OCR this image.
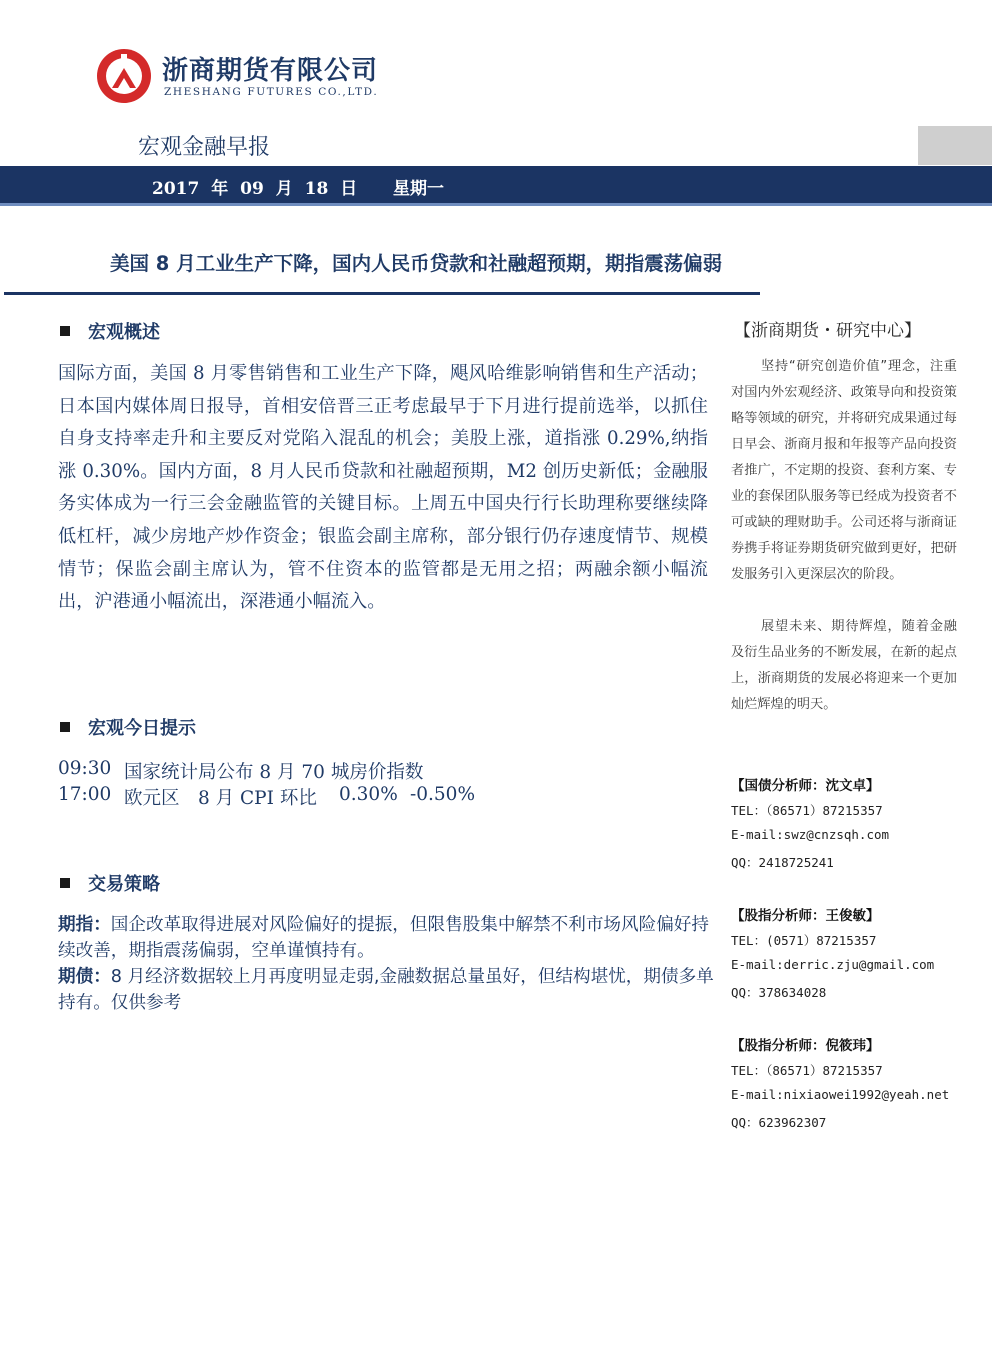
浙商期货有限公司
ZHESHANG FUTURES CO.,LTD.
宏观金融早报
2017 年 09 月 18 日 星期一
美国 8 月工业生产下降，国内人民币贷款和社融超预期，期指震荡偏弱
宏观概述
国际方面，美国 8 月零售销售和工业生产下降，飓风哈维影响销售和生产活动；日本国内媒体周日报导，首相安倍晋三正考虑最早于下月进行提前选举，以抓住自身支持率走升和主要反对党陷入混乱的机会；美股上涨，道指涨 0.29%,纳指涨 0.30%。国内方面，8 月人民币贷款和社融超预期，M2 创历史新低；金融服务实体成为一行三会金融监管的关键目标。上周五中国央行行长助理称要继续降低杠杆，减少房地产炒作资金；银监会副主席称，部分银行仍存速度情节、规模情节；保监会副主席认为，管不住资本的监管都是无用之招；两融余额小幅流出，沪港通小幅流出，深港通小幅流入。
宏观今日提示
09:30 国家统计局公布 8 月 70 城房价指数
17:00 欧元区　8 月 CPI 环比 0.30% -0.50%
交易策略
期指：国企改革取得进展对风险偏好的提振，但限售股集中解禁不利市场风险偏好持续改善，期指震荡偏弱，空单谨慎持有。
期债：8 月经济数据较上月再度明显走弱,金融数据总量虽好，但结构堪忧，期债多单持有。仅供参考
【浙商期货・研究中心】
坚持“研究创造价值”理念，注重对国内外宏观经济、政策导向和投资策略等领域的研究，并将研究成果通过每日早会、浙商月报和年报等产品向投资者推广，不定期的投资、套利方案、专业的套保团队服务等已经成为投资者不可或缺的理财助手。公司还将与浙商证券携手将证券期货研究做到更好，把研发服务引入更深层次的阶段。
展望未来、期待辉煌，随着金融及衍生品业务的不断发展，在新的起点上，浙商期货的发展必将迎来一个更加灿烂辉煌的明天。
【国债分析师：沈文卓】
TEL：（86571）87215357
E-mail:swz@cnzsqh.com
QQ：2418725241
【股指分析师：王俊敏】
TEL：(0571）87215357
E-mail:derric.zju@gmail.com
QQ：378634028
【股指分析师：倪筱玮】
TEL：（86571）87215357
E-mail:nixiaowei1992@yeah.net
QQ：623962307
